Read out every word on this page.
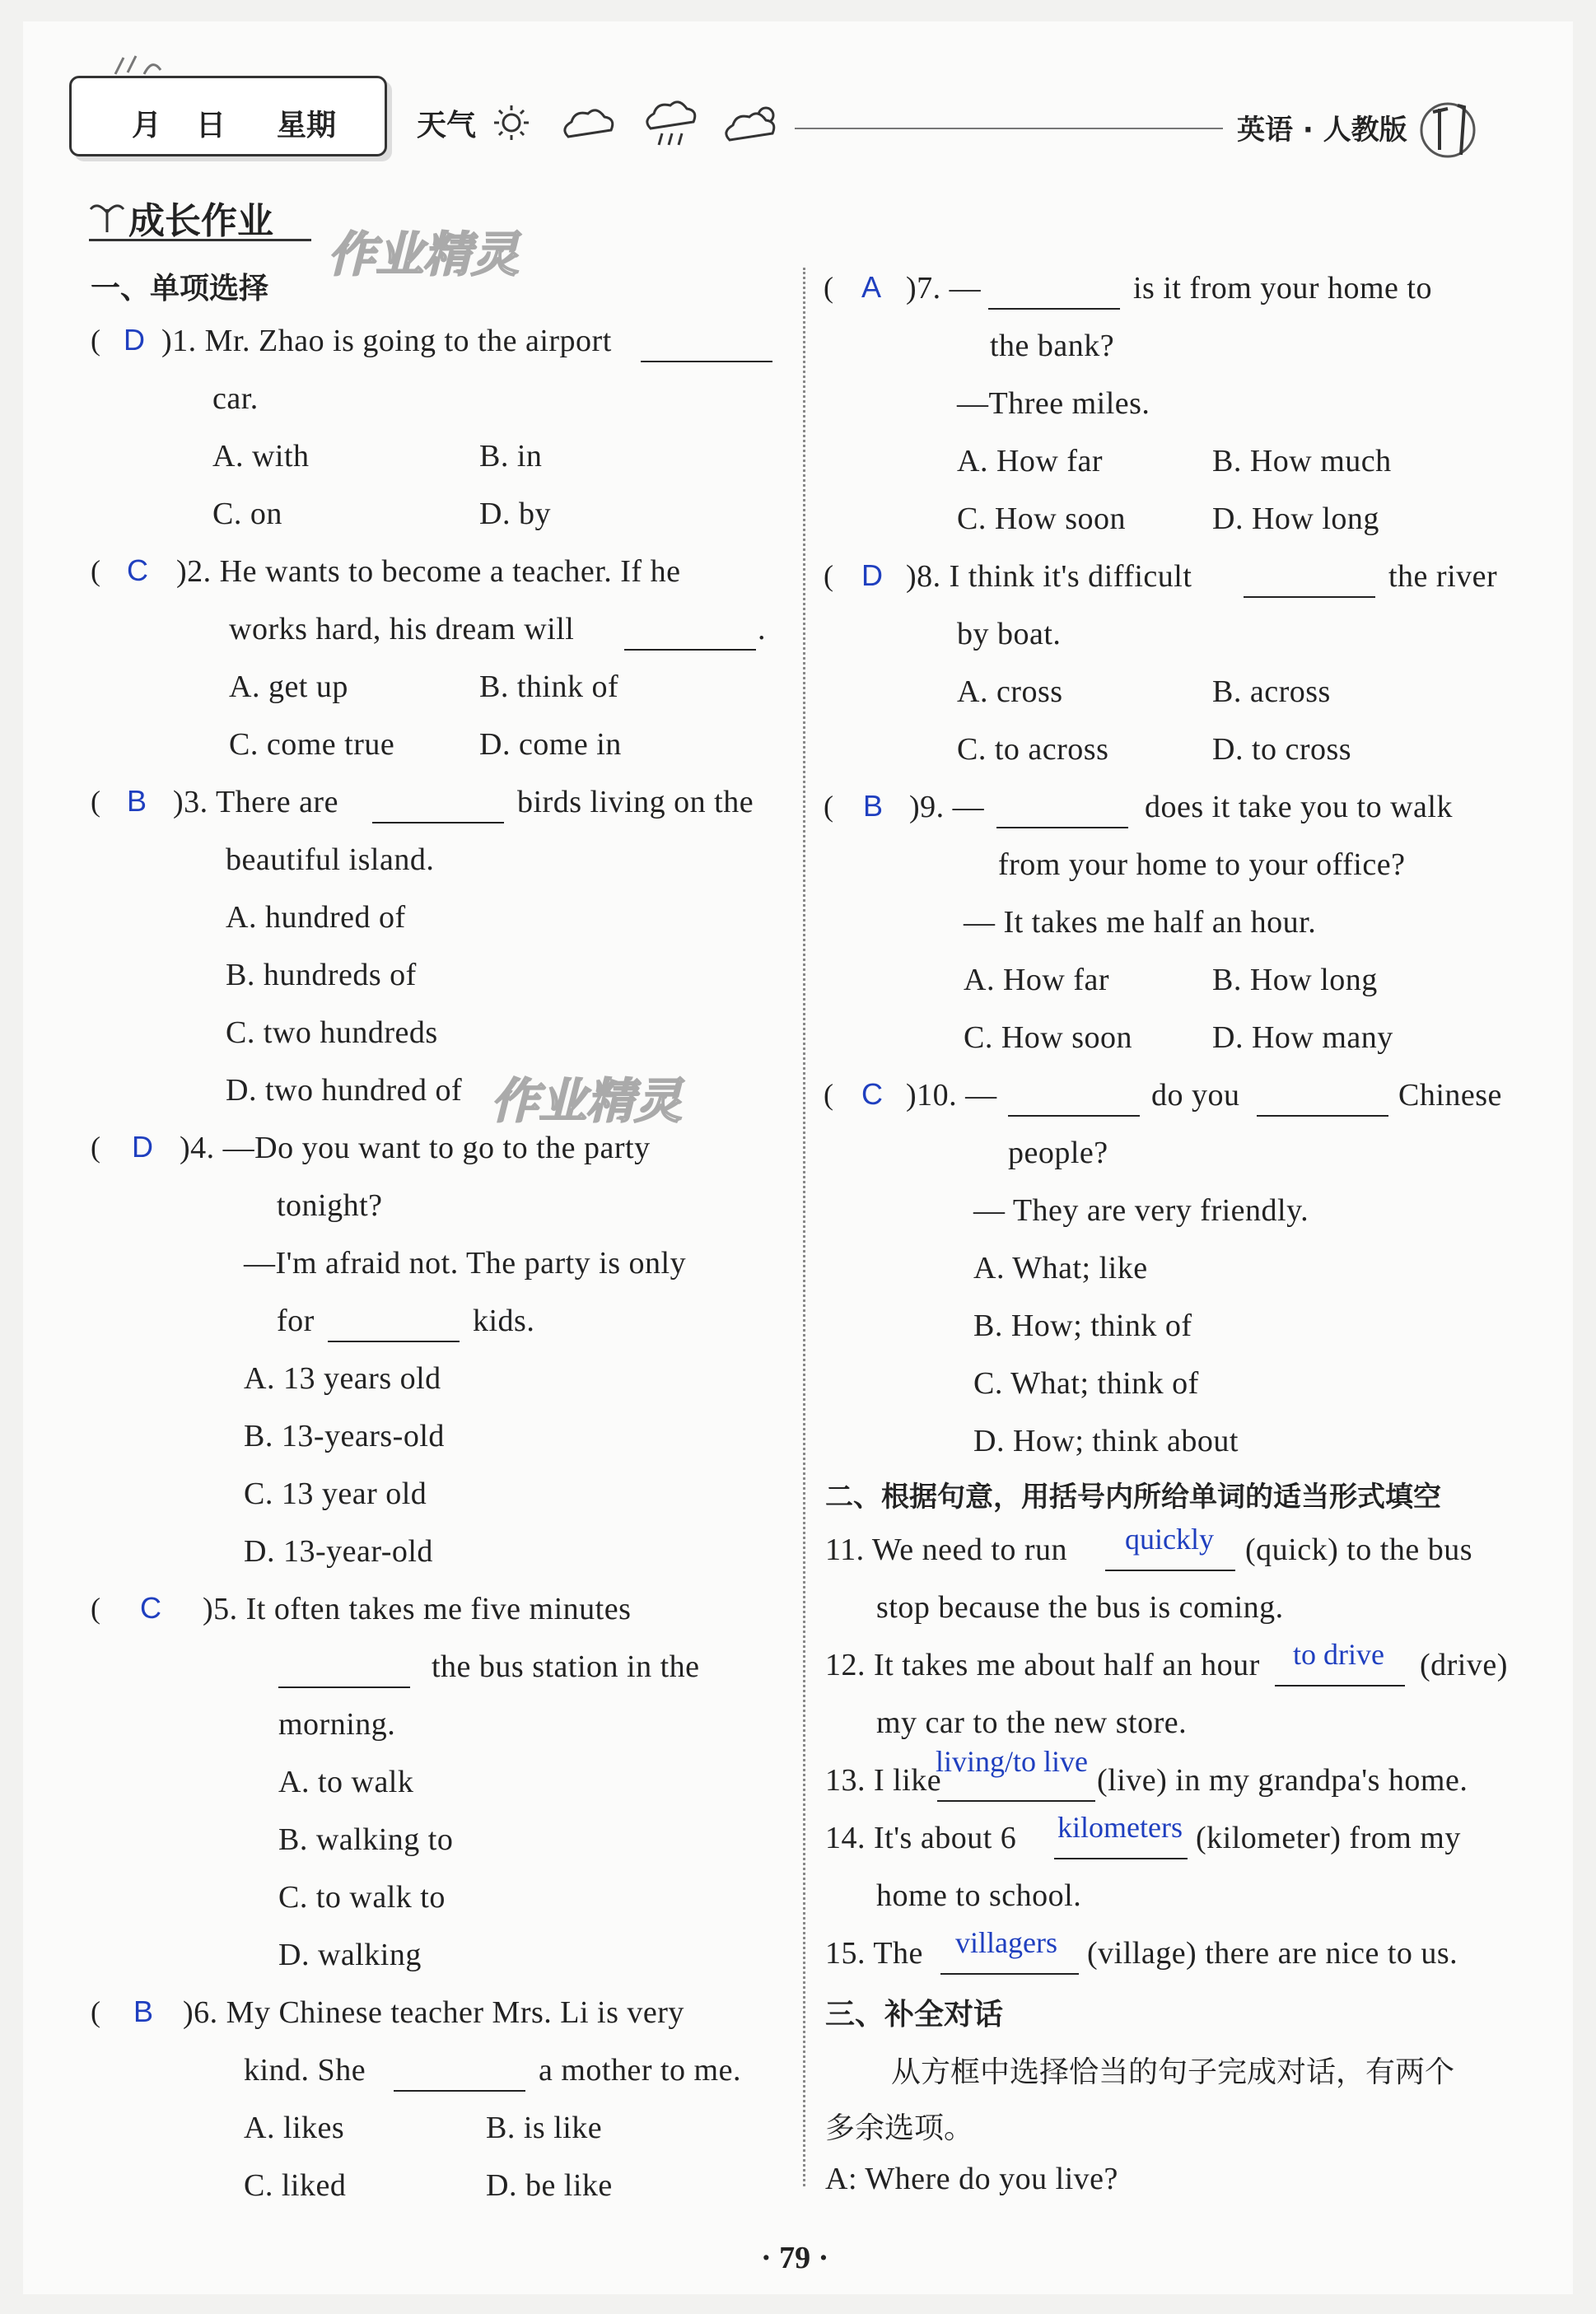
月 日 星期	天气	英语 · 人教版
成长作业
作业精灵
作业精灵
一、单项选择
( D )1. Mr. Zhao is going to the airport
car.
A. with	B. in
C. on	D. by
( C )2. He wants to become a teacher. If he
works hard, his dream will	.
A. get up	B. think of
C. come true	D. come in
( B )3. There are	birds living on the
beautiful island.
A. hundred of
B. hundreds of
C. two hundreds
D. two hundred of
( D )4. —Do you want to go to the party
tonight?
—I'm afraid not. The party is only
for	kids.
A. 13 years old
B. 13-years-old
C. 13 year old
D. 13-year-old
( C )5. It often takes me five minutes
the bus station in the
morning.
A. to walk
B. walking to
C. to walk to
D. walking
( B )6. My Chinese teacher Mrs. Li is very
kind. She	a mother to me.
A. likes	B. is like
C. liked	D. be like
( A )7. —	is it from your home to
the bank?
—Three miles.
A. How far	B. How much
C. How soon	D. How long
( D )8. I think it's difficult	the river
by boat.
A. cross	B. across
C. to across	D. to cross
( B )9. —	does it take you to walk
from your home to your office?
— It takes me half an hour.
A. How far	B. How long
C. How soon	D. How many
( C )10. —	do you	Chinese
people?
— They are very friendly.
A. What; like
B. How; think of
C. What; think of
D. How; think about
二、根据句意，用括号内所给单词的适当形式填空
11. We need to run quickly (quick) to the bus
stop because the bus is coming.
12. It takes me about half an hour to drive (drive)
my car to the new store.
13. I like
living/to live
(live) in my grandpa's home.
14. It's about 6 kilometers (kilometer) from my
home to school.
15. The villagers (village) there are nice to us.
三、补全对话
从方框中选择恰当的句子完成对话，有两个
多余选项。
A: Where do you live?
· 79 ·
